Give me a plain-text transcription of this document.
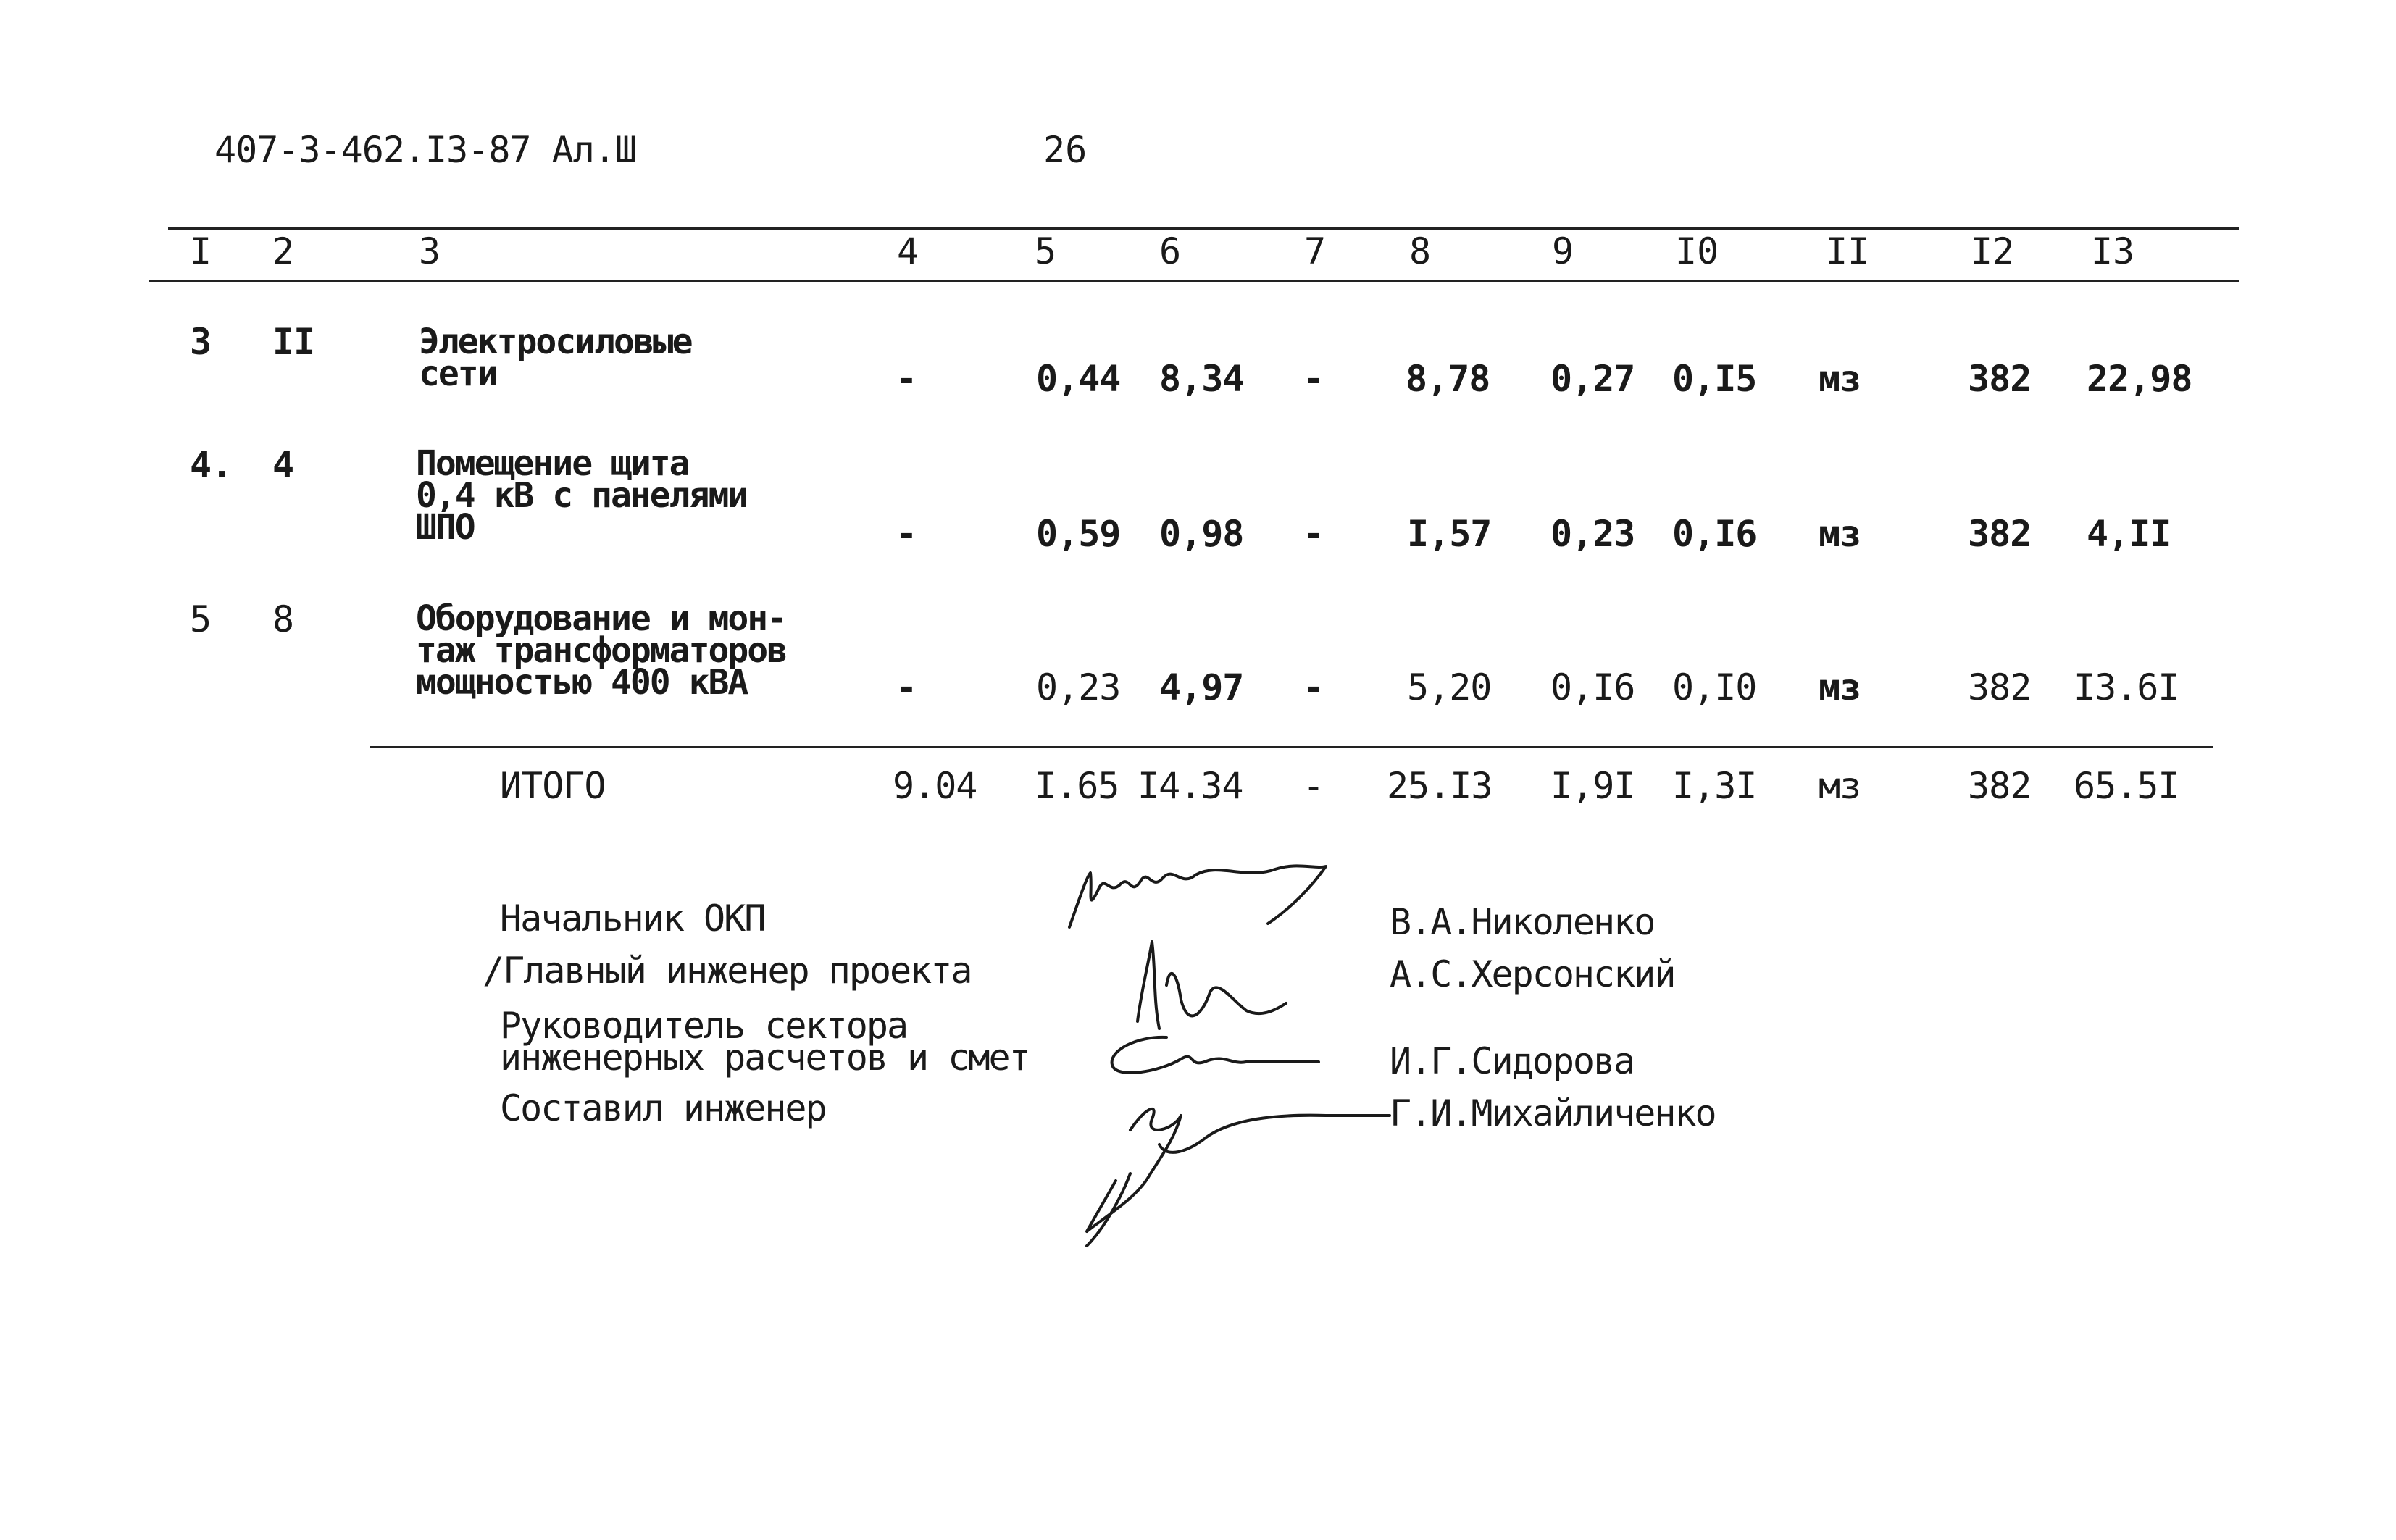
407-3-462.I3-87 Ал.Ш	26
I 2	3	4	5	6	7 8	9	I0	II	I2 I3
3 II	Электросиловые
сети	-	0,44 8,34 - 8,78 0,27 0,I5 мз	382 22,98
4. 4	Помещение щита
0,4 кВ с панелями
ШПО	-	0,59 0,98 - I,57 0,23 0,I6 мз	382 4,II
5 8	Оборудование и мон-
таж трансформаторов
мощностью 400 кВА	-	0,23 4,97 - 5,20 0,I6 0,I0 мз	382 I3.6I
ИТОГО	9.04 I.65 I4.34 - 25.I3 I,9I I,3I мз	382 65.5I
Начальник ОКП
/Главный инженер проекта
Руководитель сектора
инженерных расчетов и смет
Составил инженер
В.А.Николенко
А.С.Херсонский
И.Г.Сидорова
Г.И.Михайличенко
